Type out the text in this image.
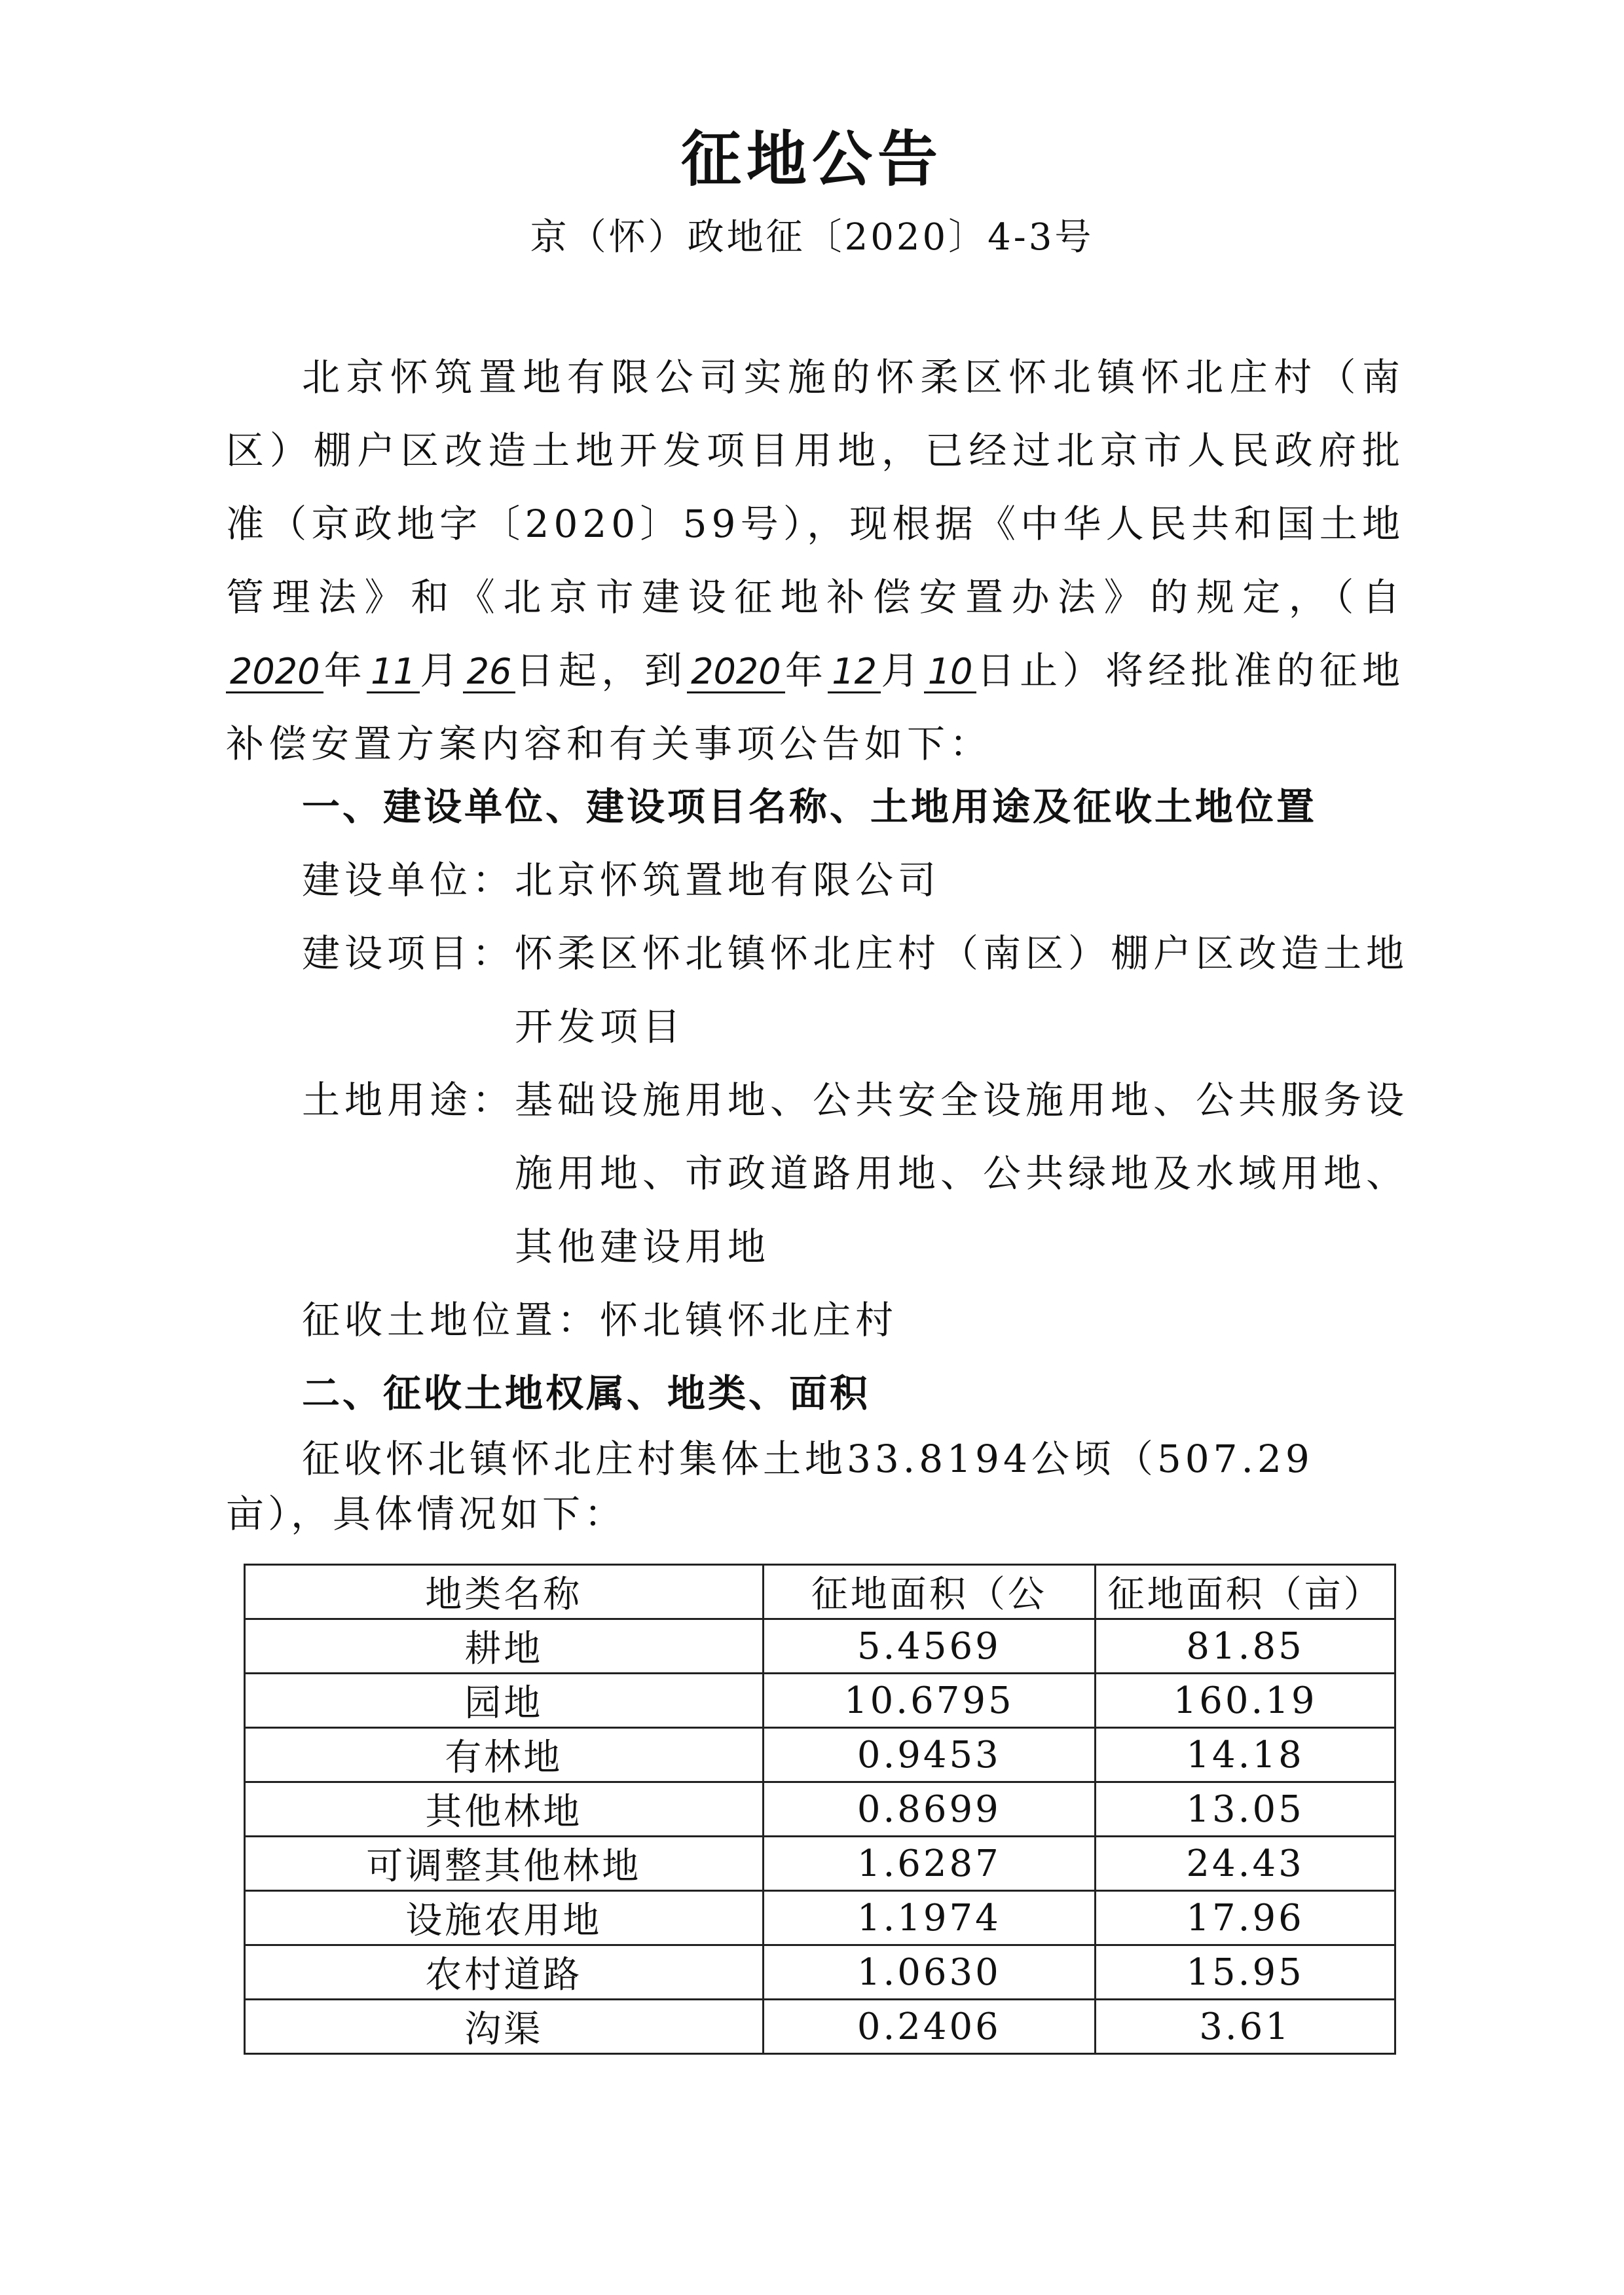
征地公告
京（怀）政地征〔2020〕4-3号
北京怀筑置地有限公司实施的怀柔区怀北镇怀北庄村（南区）棚户区改造土地开发项目用地，已经过北京市人民政府批准（京政地字〔2020〕59号），现根据《中华人民共和国土地管理法》和《北京市建设征地补偿安置办法》的规定，（自2020 年 11 月 26 日起，到 2020 年 12 月 10 日止）将经批准的征地补偿安置方案内容和有关事项公告如下：
一、建设单位、建设项目名称、土地用途及征收土地位置
建设单位： 北京怀筑置地有限公司
建设项目： 怀柔区怀北镇怀北庄村（南区）棚户区改造土地开发项目
土地用途： 基础设施用地、公共安全设施用地、公共服务设施用地、市政道路用地、公共绿地及水域用地、其他建设用地
征收土地位置： 怀北镇怀北庄村
二、征收土地权属、地类、面积
征收怀北镇怀北庄村集体土地33.8194公顷（507.29亩），具体情况如下：
地类名称	征地面积（公	征地面积（亩）
耕地	5.4569	81.85
园地	10.6795	160.19
有林地	0.9453	14.18
其他林地	0.8699	13.05
可调整其他林地	1.6287	24.43
设施农用地	1.1974	17.96
农村道路	1.0630	15.95
沟渠	0.2406	3.61
